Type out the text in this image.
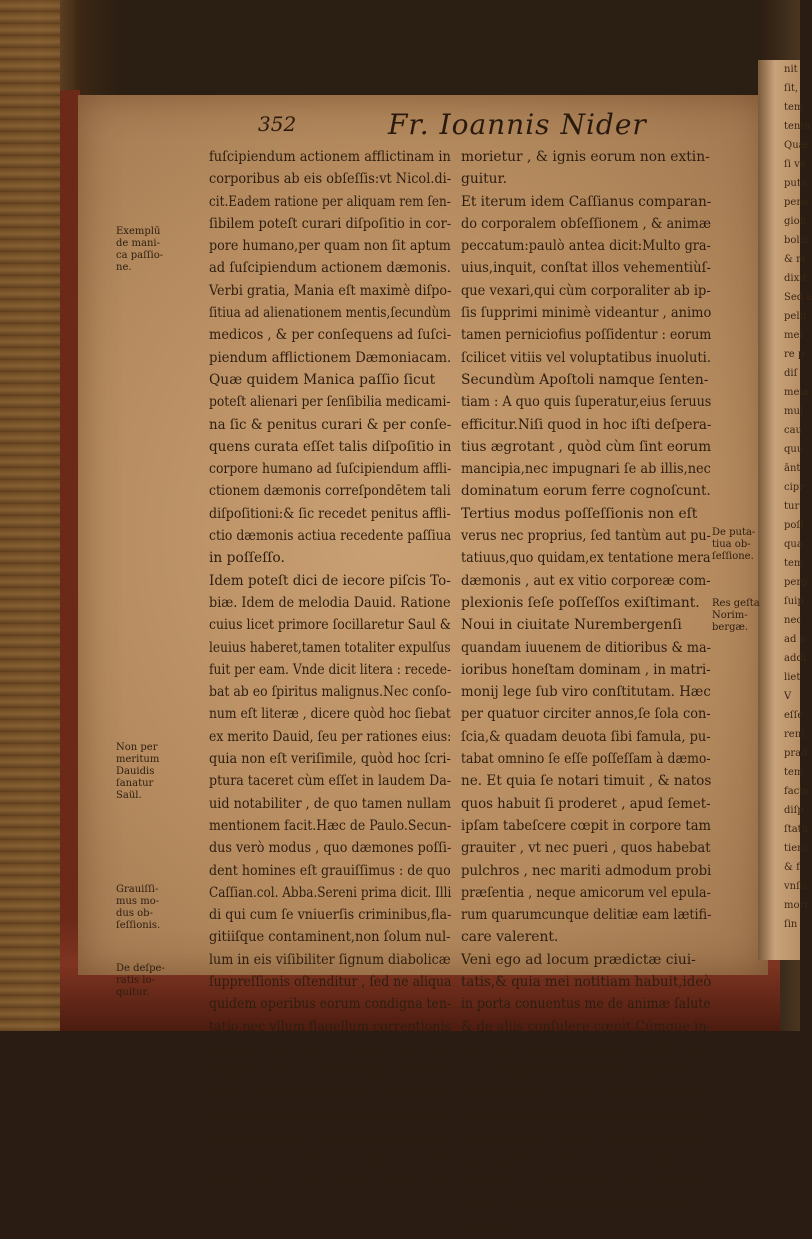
nit
ſit,
tem
tenta
Quæ
ſi ve
puta
pene
gion
bolic
& m
dixit
Sed a
pelli
mel
re p
diſ
meia
mul
cau
quu
ānt
cipr
tur
poſſ
qua
tem
perp
ſuip
nec
ad e
addi
liet
V
eſſe
rent
prad
tem
factu
diſp
ſtatu
tienc
& f
vnſu
morr
ſin
352	Fr. Ioannis Nider
fuſcipiendum actionem afflictinam in
corporibus ab eis obſeſſis:vt Nicol.di-
cit.Eadem ratione per aliquam rem ſen-
ſibilem poteſt curari diſpoſitio in cor-
pore humano,per quam non ſit aptum
ad ſuſcipiendum actionem dæmonis.
Verbi gratia, Mania eſt maximè diſpo-
ſitiua ad alienationem mentis,ſecundùm
medicos , & per conſequens ad ſuſci-
piendum afflictionem Dæmoniacam.
Quæ quidem Manica paſſio ſicut
poteſt alienari per ſenſibilia medicami-
na ſic & penitus curari & per conſe-
quens curata eſſet talis diſpoſitio in
corpore humano ad ſuſcipiendum affli-
ctionem dæmonis correſpondētem tali
diſpoſitioni:& ſic recedet penitus affli-
ctio dæmonis actiua recedente paſſiua
in poſſeſſo.
Idem poteſt dici de iecore piſcis To-
biæ. Idem de melodia Dauid. Ratione
cuius licet primore ſocillaretur Saul &
leuius haberet,tamen totaliter expulſus
fuit per eam. Vnde dicit litera : recede-
bat ab eo ſpiritus malignus.Nec conſo-
num eſt literæ , dicere quòd hoc ſiebat
ex merito Dauid, ſeu per rationes eius:
quia non eſt veriſimile, quòd hoc ſcri-
ptura taceret cùm eſſet in laudem Da-
uid notabiliter , de quo tamen nullam
mentionem facit.Hæc de Paulo.Secun-
dus verò modus , quo dæmones poſſi-
dent homines eſt grauiſſimus : de quo
Caſſian.col. Abba.Sereni prima dicit. Illi
di qui cum ſe vniuerſis criminibus,fla-
gitiiſque contaminent,non ſolum nul-
lum in eis viſibiliter ſignum diabolicæ
ſuppreſſionis oſtenditur , ſed ne aliqua
quidem operibus eorum condigna ten-
tatio,nec vllum flagellum correptionis
infertur. Non enim merentur celerem
temporis iſtius expeditámque medici-
nam , quorum durities & impœnitens
cor pœnam vitæ præſentis excedens,
theſaurizant ſibi ipſis iram & indigna-
tionem in die iræ & reuelationis iuſti
iudicij Dei. In quo vermis eorum non
morietur , & ignis eorum non extin-
guitur.
Et iterum idem Caſſianus comparan-
do corporalem obſeſſionem , & animæ
peccatum:paulò antea dicit:Multo gra-
uius,inquit, conſtat illos vehementiùſ-
que vexari,qui cùm corporaliter ab ip-
ſis ſupprimi minimè videantur , animo
tamen perniciofius poſſidentur : eorum
ſcilicet vitiis vel voluptatibus inuoluti.
Secundùm Apoſtoli namque ſenten-
tiam : A quo quis ſuperatur,eius ſeruus
efficitur.Niſi quod in hoc iſti deſpera-
tius ægrotant , quòd cùm ſint eorum
mancipia,nec impugnari ſe ab illis,nec
dominatum eorum ferre cognoſcunt.
Tertius modus poſſeſſionis non eſt
verus nec proprius, ſed tantùm aut pu-
tatiuus,quo quidam,ex tentatione mera
dæmonis , aut ex vitio corporeæ com-
plexionis ſeſe poſſeſſos exiſtimant.
Noui in ciuitate Nurembergenſi
quandam iuuenem de ditioribus & ma-
ioribus honeſtam dominam , in matri-
monij lege ſub viro conſtitutam. Hæc
per quatuor circiter annos,ſe ſola con-
ſcia,& quadam deuota ſibi famula, pu-
tabat omnino ſe eſſe poſſeſſam à dæmo-
ne. Et quia ſe notari timuit , & natos
quos habuit ſi proderet , apud ſemet-
ipſam tabeſcere cœpit in corpore tam
grauiter , vt nec pueri , quos habebat
pulchros , nec mariti admodum probi
præſentia , neque amicorum vel epula-
rum quarumcunque delitiæ eam lætifi-
care valerent.
Veni ego ad locum prædictæ ciui-
tatis,& quia mei notitiam habuit,ideò
in porta conuentus me de animæ ſalute
& de aliis conſulere cœpit.Cúmque in-
ter mea verba dæmonem neſcio quo
caſu,nominarem,diuertere cœpit fœmi-
na à me cautè caput , vt faceto more ſa-
liuam eiiceret.Ex phantaſiis enim præ-
teritis quoties nomen dæmonis nomi-
nari audierat , horruit eius animus ex
contracta aſſuetudine. Poſt quædam
igitur verba cum in geſtu fœminæ ti-
morem
Exemplū
de mani-
ca paſſio-
ne.
Non per
meritum
Dauidis
ſanatur
Saül.
Grauiſſi-
mus mo-
dus ob-
ſeſſionis.
De deſpe-
ratis lo-
quitur.
De puta-
tiua ob-
ſeſſione.
Res geſta
Norim-
bergæ.
